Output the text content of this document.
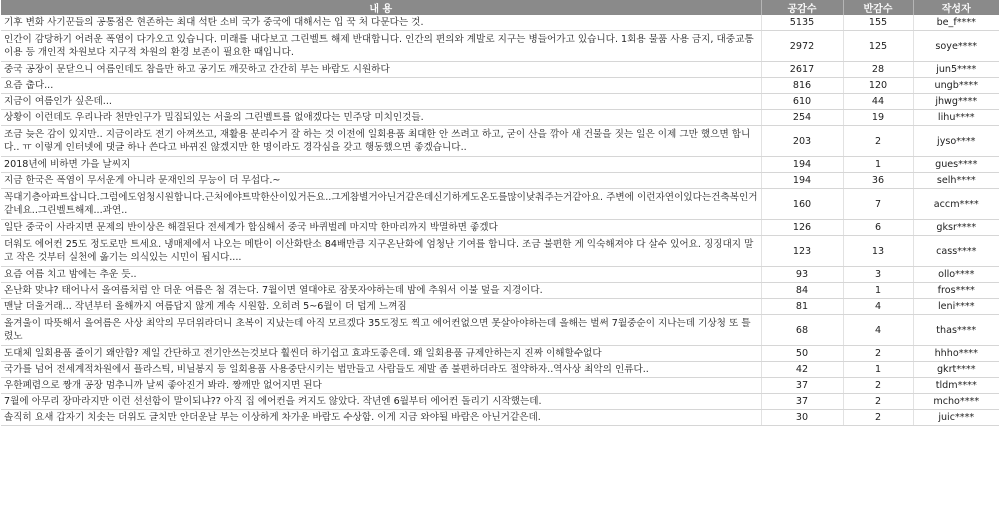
내 용	공감수	반감수	작성자
기후 변화 사기꾼들의 공통점은 현존하는 최대 석탄 소비 국가 중국에 대해서는 입 꾹 처 다문다는 것.	5135	155	be_f****
인간이 감당하기 어려운 폭염이 다가오고 있습니다. 미래를 내다보고 그린벨트 해제 반대합니다. 인간의 편의와 계발로 지구는 병들어가고 있습니다. 1회용 물품 사용 금지, 대중교통 이용 등 개인적 차원보다 지구적 차원의 환경 보존이 필요한 때입니다.	2972	125	soye****
중국 공장이 문닫으니 여름인데도 참을만 하고 공기도 깨끗하고 간간히 부는 바람도 시원하다	2617	28	jun5****
요즘 춥다...	816	120	ungb****
지금이 여름인가 싶은데...	610	44	jhwg****
상황이 이런데도 우리나라 천만인구가 밀집되있는 서울의 그린벨트를 없애겠다는 민주당 미치인것들.	254	19	lihu****
조금 늦은 감이 있지만.. 지금이라도 전기 아껴쓰고, 재활용 분리수거 잘 하는 것 이전에 일회용품 최대한 안 쓰려고 하고, 굳이 산을 깎아 새 건물을 짓는 일은 이제 그만 했으면 합니다.. ㅠ 이렇게 인터넷에 댓글 하나 쓴다고 바뀌진 않겠지만 한 명이라도 경각심을 갖고 행동했으면 좋겠습니다..	203	2	jyso****
2018년에 비하면 가을 날씨지	194	1	gues****
지금 한국은 폭염이 무서운게 아니라 문재인의 무능이 더 무섭다.~	194	36	selh****
꼭대기층아파트삽니다.그럼에도엄청시원합니다.근처에야트막한산이있거든요..그게참별거아닌거같은데신기하게도온도를많이낮춰주는거같아요. 주변에 이런자연이있다는건축복인거같네요..그린벨트해제...과연..	160	7	accm****
일단 중국이 사라지면 문제의 반이상은 해결된다 전세계가 합심해서 중국 바퀴벌레 마지막 한마리까지 박멸하면 좋겠다	126	6	gksr****
더워도 에어컨 25도 정도로만 트세요. 냉매제에서 나오는 메탄이 이산화탄소 84배만큼 지구온난화에 엄청난 기여를 합니다. 조금 불편한 게 익숙해져야 다 살수 있어요. 징징대지 말고 작은 것부터 실천에 옮기는 의식있는 시민이 됩시다....	123	13	cass****
요즘 여름 치고 밤에는 추운 듯..	93	3	ollo****
온난화 맞냐? 태어나서 올여름처럼 안 더운 여름은 첨 겪는다. 7월이면 열대야로 잠못자야하는데 밤에 추워서 이불 덮을 지경이다.	84	1	fros****
맨날 더울거래... 작년부터 올해까지 여름답지 않게 계속 시원함. 오히려 5~6월이 더 덥게 느껴짐	81	4	leni****
올겨울이 따뜻해서 올여름은 사상 최악의 무더위라더니 초복이 지났는데 아직 모르겠다 35도정도 찍고 에어컨없으면 못살아야하는데 올해는 벌써 7월중순이 지나는데 기상청 또 틀렸노	68	4	thas****
도대체 일회용품 줄이기 왜안함? 제일 간단하고 전기안쓰는것보다 훨씬더 하기쉽고 효과도좋은데. 왜 일회용품 규제안하는지 진짜 이해할수없다	50	2	hhho****
국가를 넘어 전세계적차원에서 플라스틱, 비닐봉지 등 일회용품 사용중단시키는 법만들고 사람들도 제발 좀 불편하더라도 절약하자..역사상 최악의 인류다..	42	1	gkrt****
우한폐렴으로 짱개 공장 멈추니까 날씨 좋아진거 봐라. 짱깨만 없어지면 된다	37	2	tldm****
7월에 아무리 장마라지만 이런 선선함이 말이되냐?? 아직 집 에어컨을 켜지도 않았다. 작년엔 6월부터 에어컨 돌리기 시작했는데.	37	2	mcho****
솔직히 요새 갑자기 치솟는 더위도 글치만 안더운날 부는 이상하게 차가운 바람도 수상함. 이게 지금 와야될 바람은 아닌거같은데.	30	2	juic****
